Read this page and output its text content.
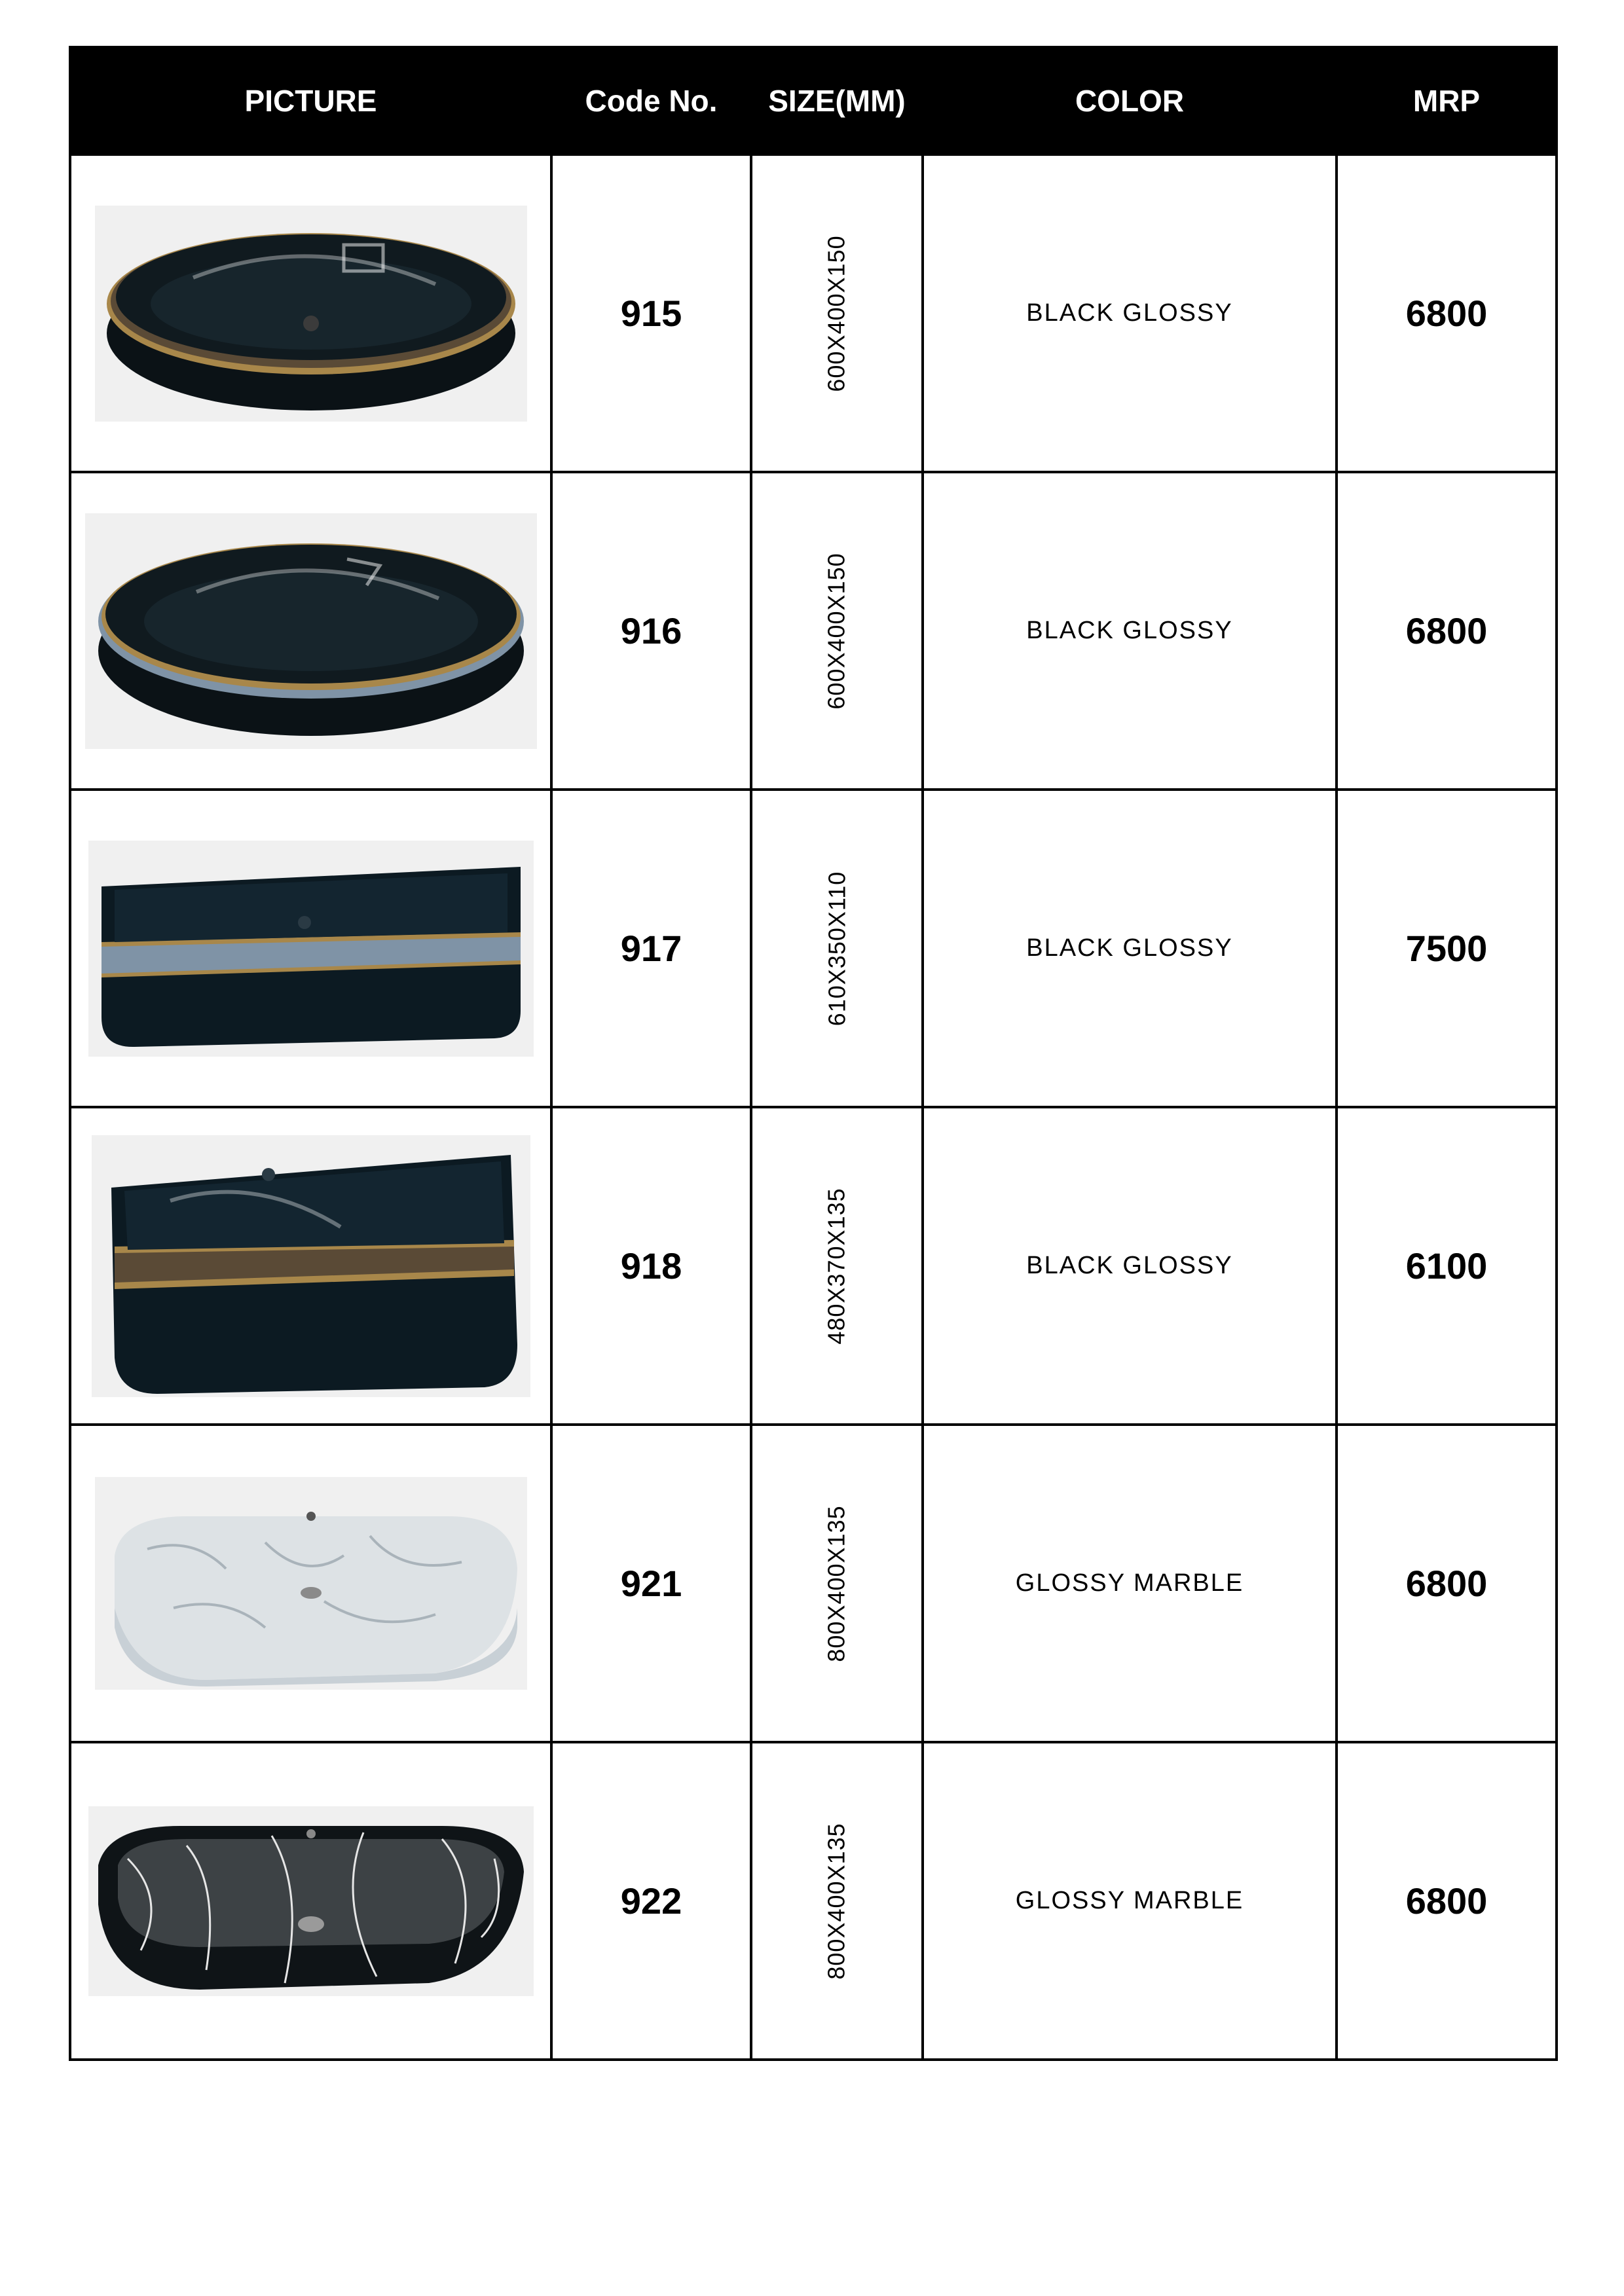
PICTURE	Code No.	SIZE(MM)	COLOR	MRP

	915	600X400X150	BLACK GLOSSY	6800

	916	600X400X150	BLACK GLOSSY	6800

	917	610X350X110	BLACK GLOSSY	7500

	918	480X370X135	BLACK GLOSSY	6100

	921	800X400X135	GLOSSY MARBLE	6800

	922	800X400X135	GLOSSY MARBLE	6800
